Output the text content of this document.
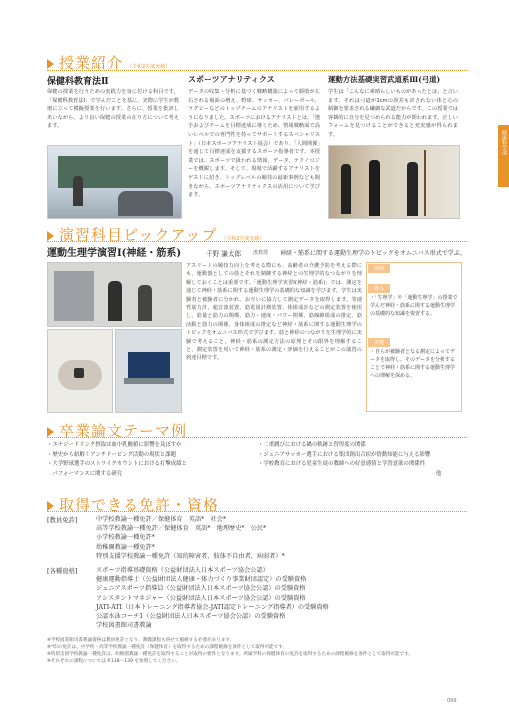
授業紹介 （令和2年度実績）
保健科教育法Ⅱ
保健の授業を行うための実践力を身に付ける科目です。「保健科教育法Ⅰ」で学んだことを基に、実際に学生が教壇に立って模擬授業を行います。さらに、授業を批評しあいながら、より良い保健の授業の在り方について考えます。
スポーツアナリティクス
データの収集・分析に基づく戦略構築によって勝敗が左右される場面の増え、野球、サッカー、バレーボール、ラグビーなどのトップチームのアナリストを雇用するようになりました。スポーツにおけるアナリストとは、「選手およびチームを目標達成に導くため、情報戦略面で高いレベルでの専門性を持ってサポートするスペシャリスト」（日本スポーツアナリスト協会）であり、「人間関係」を通じて目標達成を支援するスポーツ指導者です。本授業では、スポーツで扱われる情報、データ、テクノロジーを概観します。そして、現場で活躍するアナリストをゲストに招き、トップレベルの競技の最新事例なども聞きながら、スポーツアナリティクスの活用について学びます。
運動方法基礎実習武道系Ⅲ(弓道)
学生は「こんなに素晴らしいものがあったとは」と言います。それは弓道が1cmの誤差も許されない体と心の制御を要求される繊細な武道だからです。この授業では客観的に自分を見つめられる能力が問われます。正しいフォームを見つけることができると充実感が得られます。	健康科学部
演習科目ピックアップ （令和2年度実績）
運動生理学演習Ⅰ(神経・筋系)	千野 謙太郎 准教授 神経・筋系に関する運動生理学のトピックをオムニバス形式で学ぶ。
アスリートの競技力向上を考える際にも、高齢者の介護予防を考える際にも、運動器としての筋とそれを制御する神経との生理学的なつながりを理解しておくことは重要です。「運動生理学実習Ⅰ(神経・筋系)」では、測定を通じて神経・筋系に関する運動生理学の基礎的な知識を学びます。学生は実験者と被験者に分かれ、お互いに協力して測定データを取得します。等速性筋力計、超音波装置、筋電図計測装置、体組成計などの測定装置を使用し、筋量と筋力の関係、筋力・速度・パワー関係、筋線維組成の推定、筋活動と筋力の関係、身体組成の推定など神経・筋系に関する運動生理学のトピックをオムニバス形式で学びます。筋と神経のつながりを生理学的に実験で考えること、神経・筋系の測定方法の原理とその限界を理解すること、測定装置を用いて神経・筋系の測定・評価を行えることがこの演習の到達目標です。
展開
導入
・「生理学」や「運動生理学」の授業で学んだ神経・筋系に関する運動生理学の基礎的な知識を復習する。
本題
・自らが被験者となる測定によってデータを取得し、そのデータを分析することで神経・筋系に関する運動生理学への理解を深める。
卒業論文テーマ例
・エナジードリンク摂取は血中乳酸値に影響を及ぼすか
・歴史から紐解くアンチドーピング活動の現状と課題
・大学野球選手のストライクカウントにおける打撃成績と
　パフォーマンスに関する研究
・二重跳びにおける縄の軌跡と習得度の関係
・ジュニアサッカー選手における集団創出合宿が情動知能に与える影響
・学校教育における児童生徒の教師への好意感情と学習意欲の関係性
　　　　　　　　　　　　　　　　　　　　　　　　　　　　　　　　　他
取得できる免許・資格
[教員免許]	中学校教諭一種免許／保健体育　英語*　社会*
高等学校教諭一種免許／保健体育　英語*　地理歴史*　公民*
小学校教諭一種免許*
幼稚園教諭一種免許*
特別支援学校教諭一種免許（知的障害者、肢体不自由者、病弱者）*
[各種資格]	スポーツ指導基礎資格（公益財団法人日本スポーツ協会公認）
健康運動指導士（公益財団法人健康・体力づくり事業財団認定）の受験資格
ジュニアスポーツ指導員（公益財団法人日本スポーツ協会公認）の受験資格
アシスタントマネジャー（公益財団法人日本スポーツ協会公認）の受験資格
JATI-ATI（日本トレーニング指導者協会-JATI認定トレーニング指導者）の受験資格
公認水泳コーチ1（公益財団法人日本スポーツ協会公認）の受験資格
学校図書館司書教諭
※学校図書館司書教諭資格は教員免許となり、教職課程も併せて履修する必要があります。
※*印の免許は、中学校・高等学校教諭一種免許（保健体育）を取得するための課程履修を条件として取得可能です。
※特別支援学校教諭一種免許は、幼稚園教諭一種免許を取得することが取得の要件となります。所属学科の保健体育の免許を取得するための課程履修を条件として取得可能です。
※それぞれの課程については P.138〜139 を参照してください。
099
